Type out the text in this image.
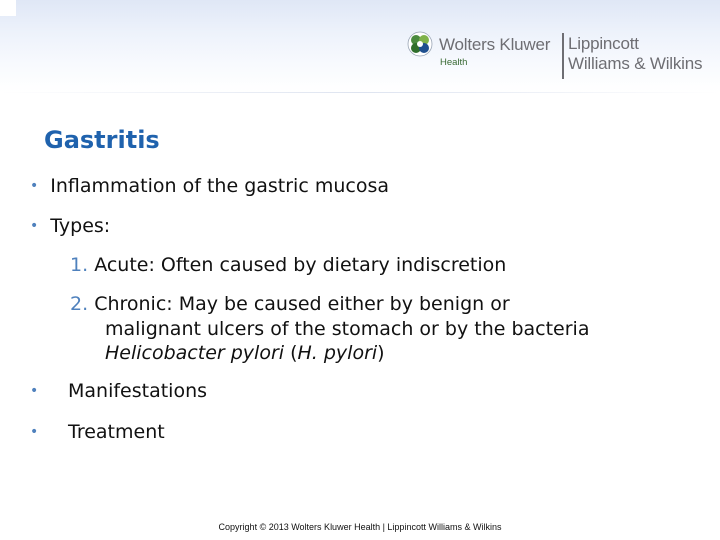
Wolters Kluwer
Health
Lippincott
Williams & Wilkins
Gastritis
• Inflammation of the gastric mucosa
• Types:
1. Acute: Often caused by dietary indiscretion
2. Chronic: May be caused either by benign or
malignant ulcers of the stomach or by the bacteria
Helicobacter pylori (H. pylori)
• Manifestations
• Treatment
Copyright © 2013 Wolters Kluwer Health | Lippincott Williams & Wilkins
